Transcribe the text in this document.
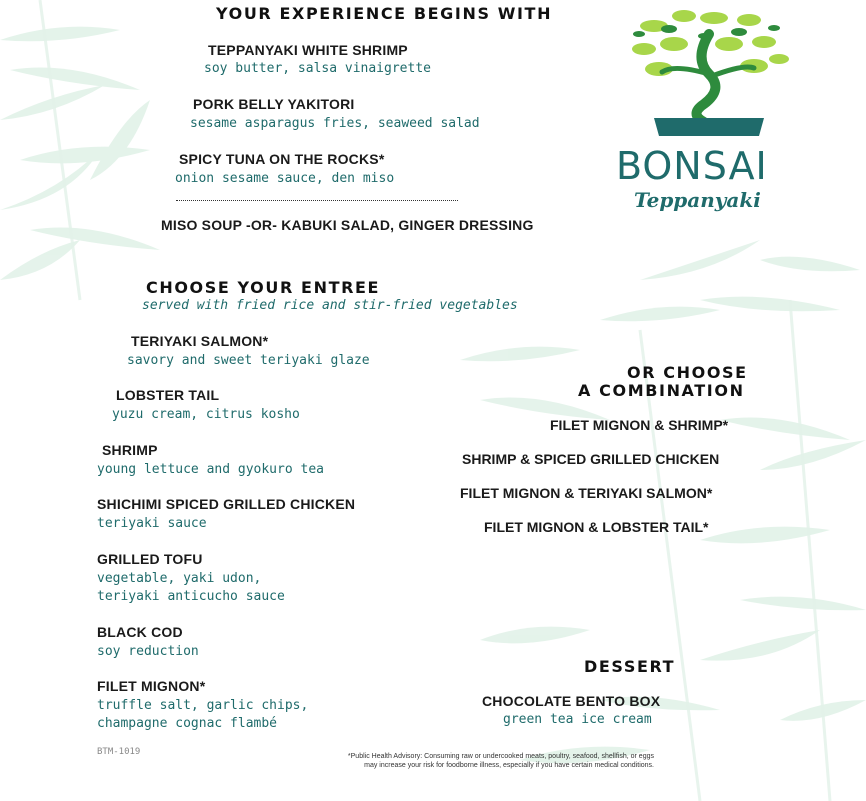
BONSAI
Teppanyaki
YOUR EXPERIENCE BEGINS WITH
TEPPANYAKI WHITE SHRIMP
soy butter, salsa vinaigrette
PORK BELLY YAKITORI
sesame asparagus fries, seaweed salad
SPICY TUNA ON THE ROCKS*
onion sesame sauce, den miso
MISO SOUP -OR- KABUKI SALAD, GINGER DRESSING
CHOOSE YOUR ENTREE
served with fried rice and stir-fried vegetables
TERIYAKI SALMON*
savory and sweet teriyaki glaze
LOBSTER TAIL
yuzu cream, citrus kosho
SHRIMP
young lettuce and gyokuro tea
SHICHIMI SPICED GRILLED CHICKEN
teriyaki sauce
GRILLED TOFU
vegetable, yaki udon,
teriyaki anticucho sauce
BLACK COD
soy reduction
FILET MIGNON*
truffle salt, garlic chips,
champagne cognac flambé
OR CHOOSE
A COMBINATION
FILET MIGNON & SHRIMP*
SHRIMP & SPICED GRILLED CHICKEN
FILET MIGNON & TERIYAKI SALMON*
FILET MIGNON & LOBSTER TAIL*
DESSERT
CHOCOLATE BENTO BOX
green tea ice cream
BTM-1019	*Public Health Advisory: Consuming raw or undercooked meats, poultry, seafood, shellfish, or eggs
may increase your risk for foodborne illness, especially if you have certain medical conditions.
